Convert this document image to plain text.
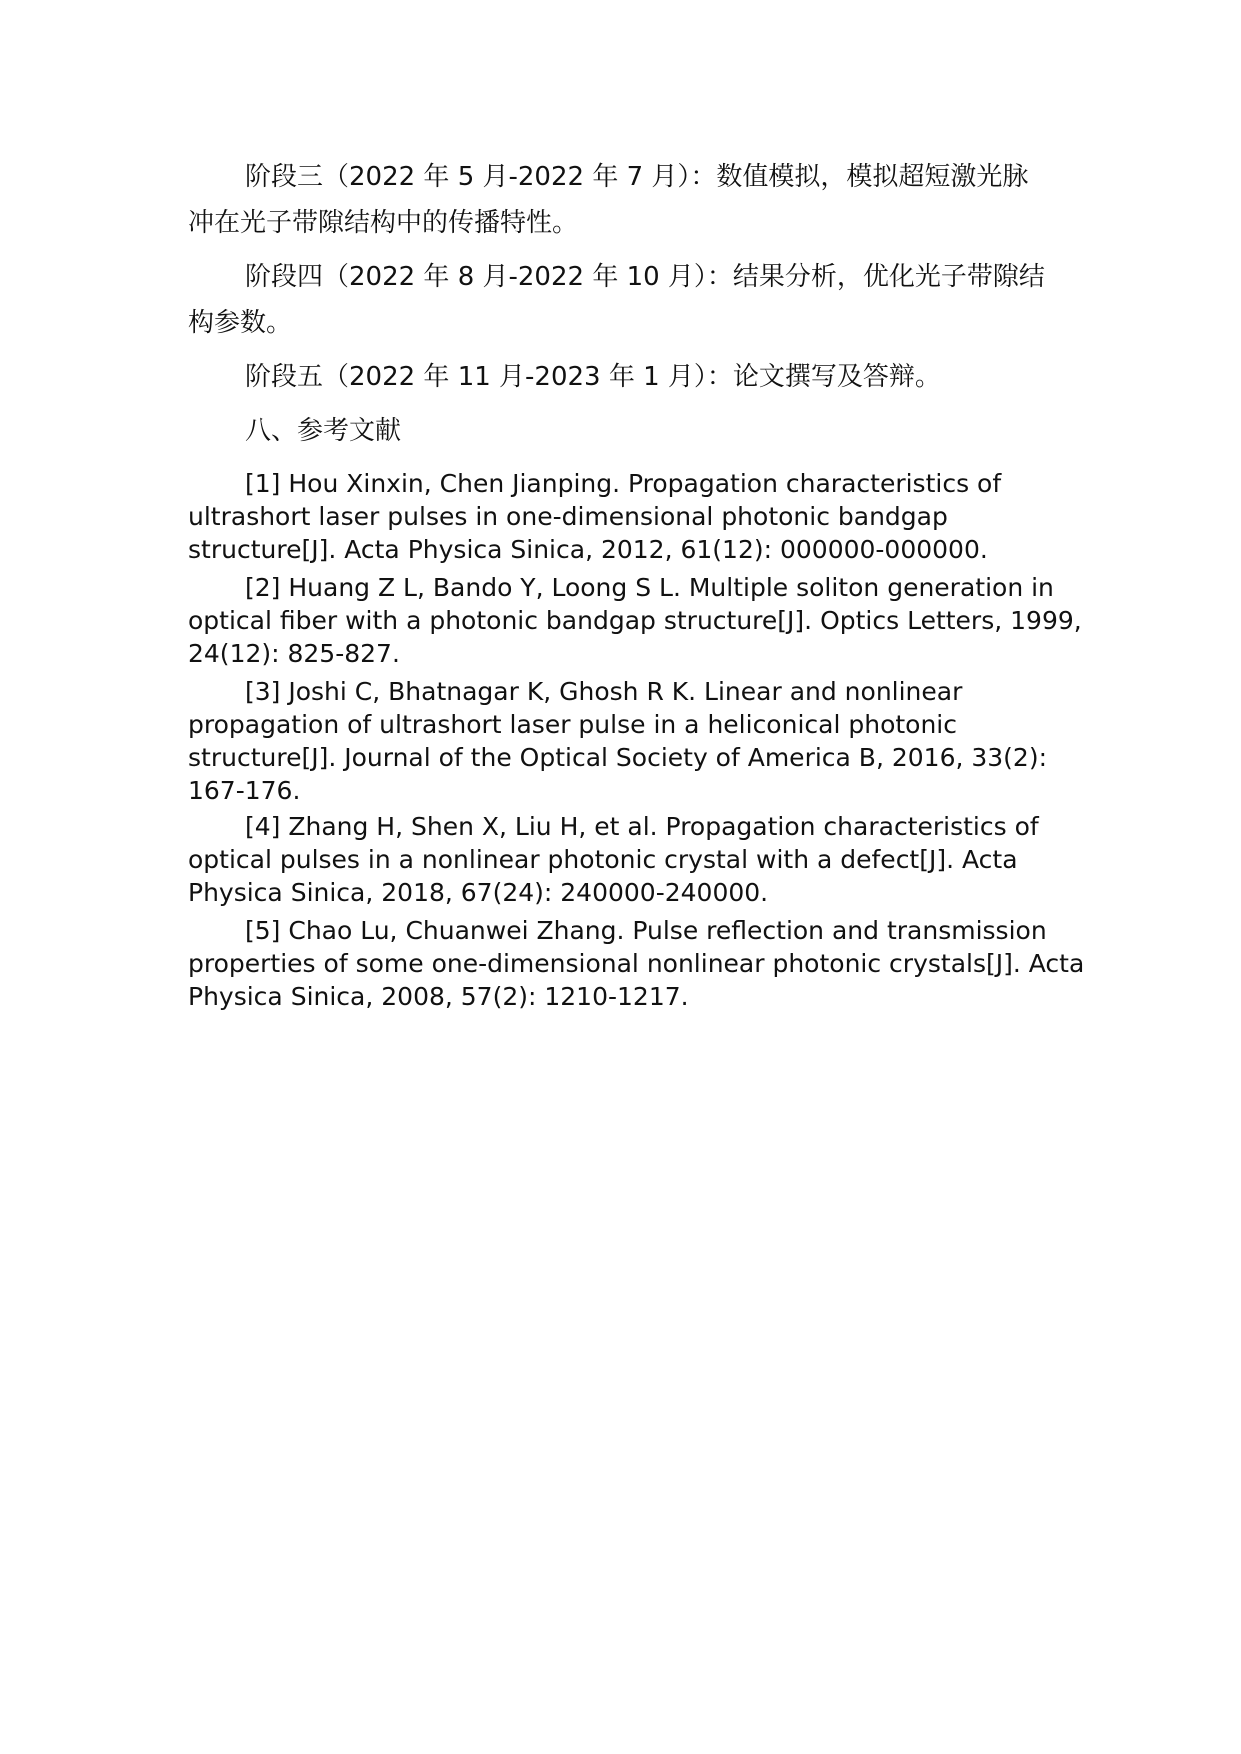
阶段三（2022 年 5 月-2022 年 7 月）：数值模拟，模拟超短激光脉
冲在光子带隙结构中的传播特性。

阶段四（2022 年 8 月-2022 年 10 月）：结果分析，优化光子带隙结
构参数。

阶段五（2022 年 11 月-2023 年 1 月）：论文撰写及答辩。

八、参考文献

[1] Hou Xinxin, Chen Jianping. Propagation characteristics of
ultrashort laser pulses in one-dimensional photonic bandgap
structure[J]. Acta Physica Sinica, 2012, 61(12): 000000-000000.

[2] Huang Z L, Bando Y, Loong S L. Multiple soliton generation in
optical fiber with a photonic bandgap structure[J]. Optics Letters, 1999,
24(12): 825-827.

[3] Joshi C, Bhatnagar K, Ghosh R K. Linear and nonlinear
propagation of ultrashort laser pulse in a heliconical photonic
structure[J]. Journal of the Optical Society of America B, 2016, 33(2):
167-176.

[4] Zhang H, Shen X, Liu H, et al. Propagation characteristics of
optical pulses in a nonlinear photonic crystal with a defect[J]. Acta
Physica Sinica, 2018, 67(24): 240000-240000.

[5] Chao Lu, Chuanwei Zhang. Pulse reflection and transmission
properties of some one-dimensional nonlinear photonic crystals[J]. Acta
Physica Sinica, 2008, 57(2): 1210-1217.
